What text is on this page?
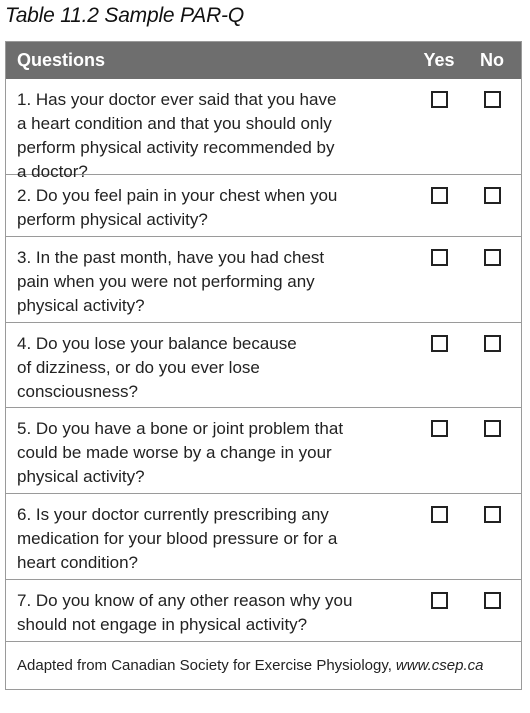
Table 11.2 Sample PAR-Q
Questions	Yes	No
1. Has your doctor ever said that you have
a heart condition and that you should only
perform physical activity recommended by
a doctor?
2. Do you feel pain in your chest when you
perform physical activity?
3. In the past month, have you had chest
pain when you were not performing any
physical activity?
4. Do you lose your balance because
of dizziness, or do you ever lose
consciousness?
5. Do you have a bone or joint problem that
could be made worse by a change in your
physical activity?
6. Is your doctor currently prescribing any
medication for your blood pressure or for a
heart condition?
7. Do you know of any other reason why you
should not engage in physical activity?
Adapted from Canadian Society for Exercise Physiology, www.csep.ca
